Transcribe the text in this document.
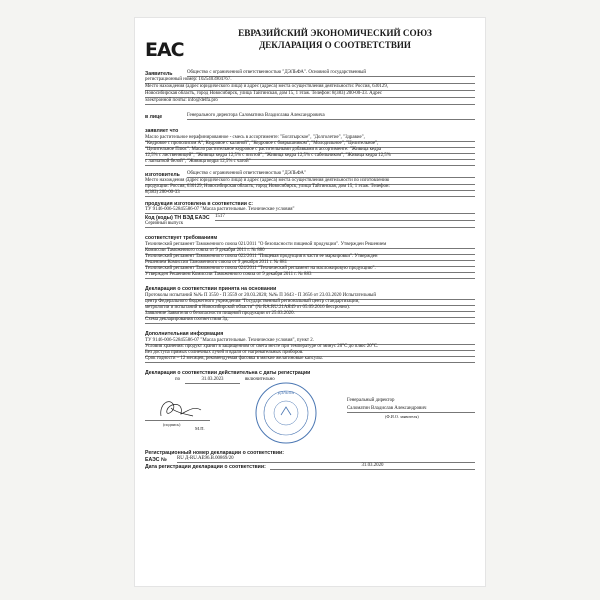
EAC
ЕВРАЗИЙСКИЙ ЭКОНОМИЧЕСКИЙ СОЮЗ
ДЕКЛАРАЦИЯ О СООТВЕТСТВИИ
Заявитель	Общество с ограниченной ответственностью "ДЭЛЬФА". Основной государственный
регистрационный номер: 1025403904767.
Место нахождения (адрес юридического лица) и адрес (адреса) места осуществления деятельности: Россия, 630129,
Новосибирская область, город Новосибирск, улица Тайгинская, дом 15, 1 этаж. Телефон: 8(383) 200-00-33. Адрес
электронной почты: info@delfa.pro
в лице	Генерального директора Саломатина Владислава Александровича
заявляет что
Масло растительное нерафинированное - смесь в ассортименте: "Богатырское", "Долголетие", "Здравие",
"Кедровое с прополисом А", Кедровое с калиной", "Кедровое с боярышником", "Молодильное", "Целительное",
"Целительное Плюс". Масло растительное кедровое с растительными добавками в ассортименте: "Живица кедра
12,5% с лиственницей", "Живица кедра 12,5% с пихтой", "Живица кедра 12,5% с сабельником", "Живица кедра 12,5%
с лапчаткой белой", "Живица кедра 12,5% с чагой"
изготовитель Общество с ограниченной ответственностью "ДЭЛЬФА"
Место нахождения (адрес юридического лица) и адрес (адреса) места осуществления деятельности по изготовлению
продукции: Россия, 630129, Новосибирская область, город Новосибирск, улица Тайгинская, дом 15, 1 этаж. Телефон:
8(383) 200-00-33
продукция изготовлена в соответствии с:
ТУ 9146-006-52845586-07 "Масла растительные. Технические условия"
Код (коды) ТН ВЭД ЕАЭС 1517
Серийный выпуск
соответствует требованиям
Технический регламент Таможенного союза 021/2011 "О безопасности пищевой продукции". Утвержден Решением
Комиссии Таможенного союза от 9 декабря 2011 г. № 880
Технический регламент Таможенного союза 022/2011 "Пищевая продукция в части ее маркировки". Утвержден
Решением Комиссии Таможенного союза от 9 декабря 2011 г. № 881
Технический регламент Таможенного союза 024/2011 "Технический регламент на масложировую продукцию".
Утвержден Решением Комиссии Таможенного союза от 9 декабря 2011 г. № 883
Декларация о соответствии принята на основании
Протоколы испытаний №№ П 3550 - П 3559 от 20.03.2020; №№ П 3643 - П 3656 от 23.03.2020 Испытательный
центр Федерального бюджетного учреждения "Государственный региональный центр стандартизации,
метрологии и испытаний в Новосибирской области" (№ RA.RU.21АЯ49 от 05.09.2016 бессрочно).
Заявление Заявителя о безопасности пищевой продукции от 25.03.2020.
Схема декларирования соответствия 3д.
Дополнительная информация
ТУ 9146-006-52845586-07 "Масла растительные. Технические условия", пункт 2.
Условия хранения: продукт хранят в защищенном от света месте при температуре от минус 20°С до плюс 20°С.
Без доступа прямых солнечных лучей и вдали от нагревательных приборов.
Срок годности – 12 месяцев, рекомендуемая фасовка в мягкие желатиновые капсулы.
Декларация о соответствии действительна с даты регистрации
по	31.03.2023	включительно
(подпись)
М.П.
ДЭЛЬФА
Генеральный директор
Саломатин Владислав Александрович
(Ф.И.О. заявителя)
Регистрационный номер декларации о соответствии:
ЕАЭС № RU Д-RU.АЕ96.В.00869/20
Дата регистрации декларации о соответствии:	31.03.2020
